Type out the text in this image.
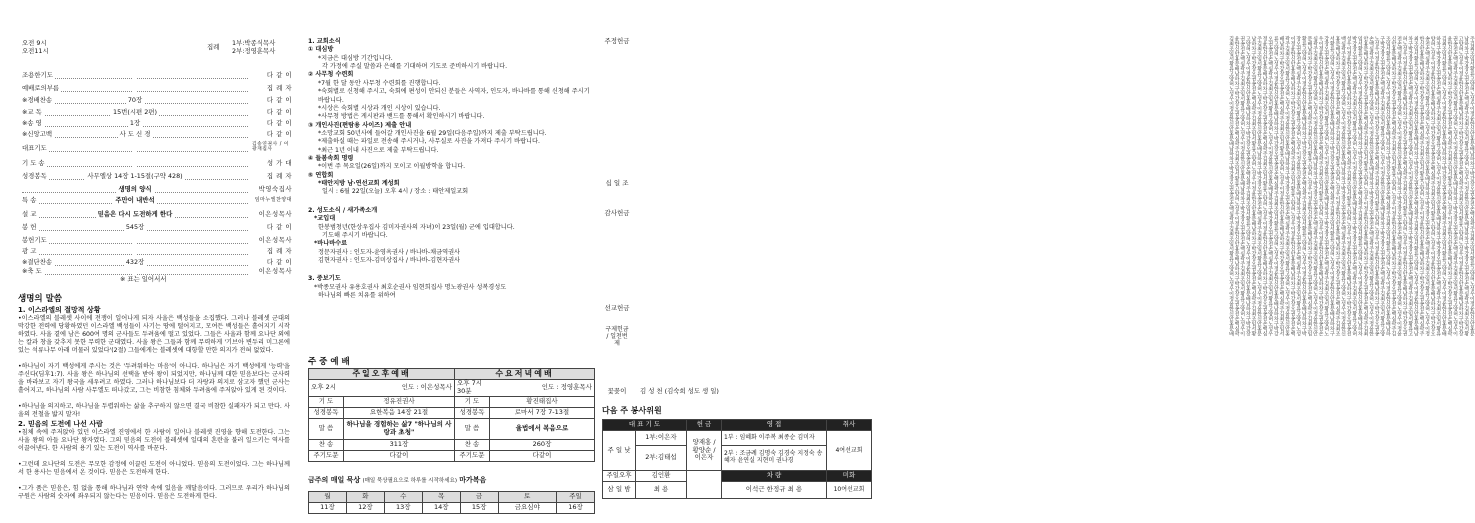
오전 9시
오전11시	집례 1부:박종식목사
2부:정영훈목사
조용한기도	다 같 이
예배로의부름	집 례 자
※경배찬송	70장	다 같 이
※교 독	15번(시편 2편)	다 같 이
※송 영	1장	다 같 이
※신앙고백	사 도 신 경	다 같 이
대표기도	김송연권사 / 이광재집사
기 도 송	성 가 대
성경봉독	사무엘상 14장 1-15절(구약 428)	집 례 자
생명의 양식	박영숙집사
특 송	주만이 내반석	임마누엘찬양대
설 교	믿음은 다시 도전하게 한다	이은성목사
봉 헌	545장	다 같 이
봉헌기도	이은성목사
광 고	집 례 자
※결단찬송	432장	다 같 이
※축 도	이은성목사
※ 표는 일어서서
생명의 말씀
1. 이스라엘의 절망적 상황
•이스라엘의 블레셋 사이에 전쟁이 일어나게 되자 사울은 백성들을 소집했다. 그러나 블레셋 군대의 막강한 전력에 당황하였던 이스라엘 백성들이 사기는 땅에 떨어지고, 모여든 백성들은 흩어지기 시작하였다. 사울 곁에 남은 600여 명의 군사들도 두려움에 떨고 있었다. 그들은 사울과 함께 요나단 외에는 칼과 창을 갖추지 못한 무력한 군대였다. 사울 왕은 그들과 함께 무력하게 '기브아 변두리 미그론에 있는 석류나무 아래 머물러 있었다'(2절) 그들에게는 블레셋에 대항할 만한 의지가 전혀 없었다.
•하나님이 자기 백성에게 주시는 것은 '두려워하는 마음'이 아니다. 하나님은 자기 백성에게 '능력'을 주신다(딤후1:7). 사울 왕은 하나님의 선택을 받아 왕이 되었지만, 하나님께 대한 믿음보다는 군사력을 바라보고 자기 왕국을 세우려고 하였다. 그러나 하나님보다 더 자랑과 의지로 삼고자 했던 군사는 흩어지고, 하나님의 사람 사무엘도 떠나갔고, 그는 비참한 침체와 두려움에 주저앉아 있게 된 것이다.
•하나님을 의지하고, 하나님을 두렵워하는 삶을 추구하지 않으면 결국 비참한 실패자가 되고 만다. 사울의 전철을 밟지 말자!
2. 믿음의 도전에 나선 사람
•침체 속에 주저앉아 있던 이스라엘 진영에서 한 사람이 일어나 블레셋 진영을 향해 도전한다. 그는 사울 왕의 아들 요나단 왕자였다. 그의 믿음의 도전이 블레셋에 일대의 혼란을 불러 일으키는 역사를 이끌어낸다. 한 사람의 용기 있는 도전이 역사를 바꾼다.
•그런데 요나단의 도전은 무모한 감정에 이끌린 도전이 아니었다. 믿음의 도전이었다. 그는 하나님께서 한 용사는 믿음에서 온 것이다. 믿음은 도전하게 한다.
•그가 품은 믿음은, 힘 없을 통해 하나님과 연약 속에 있음을 깨달음이다. 그러므로 우리가 하나님의 구원은 사람의 숫자에 좌우되지 않는다는 믿음이다. 믿음은 도전하게 한다.
1. 교회소식
① 대심방
*지금은 대심방 기간입니다.
각 가정에 주실 말씀과 은혜를 기대하며 기도로 준비하시기 바랍니다.
② 사무청 수련회
*7월 한 달 동안 사무청 수련회를 진행합니다.
*숙회별로 신청해 주시고, 숙회에 편성이 안되신 분들은 사역자, 인도자, 바나바를 통해 신청해 주시기 바랍니다.
*시상은 숙회별 시상과 개인 시상이 있습니다.
*사무청 방법은 게시판과 밴드를 통해서 확인하시기 바랍니다.
③ 개인사진(편람용 사이즈) 제출 안내
*소망교회 50년사에 들어갈 개인사진을 6월 29일(다음주일)까지 제출 부탁드립니다.
*제출하실 때는 파일로 전송해 주시거나, 사무실로 사진을 가져다 주시기 바랍니다.
*최근 1년 이내 사진으로 제출 부탁드립니다.
④ 들봄속회 명령
*이번 주 목요일(26일)까지 모이고 이월방학을 합니다.
⑤ 연합회
*태안지방 남·연선교회 계성회
일시 : 6월 22일(오늘) 오후 4시 / 장소 : 태안제일교회
2. 성도소식 / 새가족소개
*교입대
한봉범청년(한상우집사 김미자권사의 자녀)이 23일(월) 군에 입대합니다.
기도해 주시기 바랍니다.
*바나바수료
정문자권사 : 인도자-윤영옥권사 / 바나바-채금역권사
김현자권사 : 인도자-김미상집사 / 바나바-김현자권사
3. 중보기도
*박종모권사 유용호권사 최호순권사 임현희집사 명노광권사 성복경성도
하나님의 빠른 치유를 위하여
주 중 예 배
주일오후예배		수요저녁예배	
오후 2시	인도 : 이은성목사	오후 7시 30분	인도 : 정영훈목사
기 도	정유진권사	기 도	황진태집사
성경봉독	요한복음 14장 21절	성경봉독	로마서 7장 7-13절
말 씀	하나님을 경험하는 삶7 "하나님의 사랑과 초청"	말 씀	율법에서 복음으로
찬 송	311장	찬 송	260장
주기도문	다같이	주기도문	다같이
금주의 매일 묵상 (매일 묵상필요으로 하루를 시작하세요) 마가복음
월	화	수	목	금	토	주일
11장	12장	13장	14장	15장	금요심야	16장
주정헌금
십 일 조
감사헌금
선교헌금
구제헌금 / 일천번제
꽃꽂이	김 성 천 (김숙희 성도 생 일)
김최조임서황류고양허노성우이정윤한신안홍문배남하차구박강장오권송전손백심곽주김최조임서황류고양허노성우이정윤한신안홍문배 윤한신안홍문배남하차구박강장오권송전손백심곽주김최조임서황류고양허노성우이정윤한신안홍문배남하차구박강장오권송전손백심곽 권송전손백심곽주김최조임서황류고양허노성우이정윤한신안홍문배남하차구박강장오권송전손백심곽주김최조임서황류고양허노성우이 고양허노성우이정윤한신안홍문배남하차구박강장오권송전손백심곽주김최조임서황류고양허노성우이정윤한신안홍문배남하차구박강장 남하차구박강장오권송전손백심곽주김최조임서황류고양허노성우이정윤한신안홍문배남하차구박강장오권송전손백심곽주김최조임서황 주김최조임서황류고양허노성우이정윤한신안홍문배남하차구박강장오권송전손백심곽주김최조임서황류고양허노성우이정윤한신안홍문 정윤한신안홍문배남하차구박강장오권송전손백심곽주김최조임서황류고양허노성우이정윤한신안홍문배남하차구박강장오권송전손백심 오권송전손백심곽주김최조임서황류고양허노성우이정윤한신안홍문배남하차구박강장오권송전손백심곽주김최조임서황류고양허노성우 류고양허노성우이정윤한신안홍문배남하차구박강장오권송전손백심곽주김최조임서황류고양허노성우이정윤한신안홍문배남하차구박강 배남하차구박강장오권송전손백심곽주김최조임서황류고양허노성우이정윤한신안홍문배남하차구박강장오권송전손백심곽주김최조임서 곽주김최조임서황류고양허노성우이정윤한신안홍문배남하차구박강장오권송전손백심곽주김최조임서황류고양허노성우이정윤한신안홍 이정윤한신안홍문배남하차구박강장오권송전손백심곽주김최조임서황류고양허노성우이정윤한신안홍문배남하차구박강장오권송전손백 장오권송전손백심곽주김최조임서황류고양허노성우이정윤한신안홍문배남하차구박강장오권송전손백심곽주김최조임서황류고양허노성 황류고양허노성우이정윤한신안홍문배남하차구박강장오권송전손백심곽주김최조임서황류고양허노성우이정윤한신안홍문배남하차구박 문배남하차구박강장오권송전손백심곽주김최조임서황류고양허노성우이정윤한신안홍문배남하차구박강장오권송전손백심곽주김최조임 심곽주김최조임서황류고양허노성우이정윤한신안홍문배남하차구박강장오권송전손백심곽주김최조임서황류고양허노성우이정윤한신안 우이정윤한신안홍문배남하차구박강장오권송전손백심곽주김최조임서황류고양허노성우이정윤한신안홍문배남하차구박강장오권송전손 강장오권송전손백심곽주김최조임서황류고양허노성우이정윤한신안홍문배남하차구박강장오권송전손백심곽주김최조임서황류고양허노 서황류고양허노성우이정윤한신안홍문배남하차구박강장오권송전손백심곽주김최조임서황류고양허노성우이정윤한신안홍문배남하차구 홍문배남하차구박강장오권송전손백심곽주김최조임서황류고양허노성우이정윤한신안홍문배남하차구박강장오권송전손백심곽주김최조 백심곽주김최조임서황류고양허노성우이정윤한신안홍문배남하차구박강장오권송전손백심곽주김최조임서황류고양허노성우이정윤한신 성우이정윤한신안홍문배남하차구박강장오권송전손백심곽주김최조임서황류고양허노성우이정윤한신안홍문배남하차구박강장오권송전 박강장오권송전손백심곽주김최조임서황류고양허노성우이정윤한신안홍문배남하차구박강장오권송전손백심곽주김최조임서황류고양허 임서황류고양허노성우이정윤한신안홍문배남하차구박강장오권송전손백심곽주김최조임서황류고양허노성우이정윤한신안홍문배남하차 안홍문배남하차구박강장오권송전손백심곽주김최조임서황류고양허노성우이정윤한신안홍문배남하차구박강장오권송전손백심곽주김최 손백심곽주김최조임서황류고양허노성우이정윤한신안홍문배남하차구박강장오권송전손백심곽주김최조임서황류고양허노성우이정윤한 노성우이정윤한신안홍문배남하차구박강장오권송전손백심곽주김최조임서황류고양허노성우이정윤한신안홍문배남하차구박강장오권송 구박강장오권송전손백심곽주김최조임서황류고양허노성우이정윤한신안홍문배남하차구박강장오권송전손백심곽주김최조임서황류고양 조임서황류고양허노성우이정윤한신안홍문배남하차구박강장오권송전손백심곽주김최조임서황류고양허노성우이정윤한신안홍문배남하 신안홍문배남하차구박강장오권송전손백심곽주김최조임서황류고양허노성우이정윤한신안홍문배남하차구박강장오권송전손백심곽주김 전손백심곽주김최조임서황류고양허노성우이정윤한신안홍문배남하차구박강장오권송전손백심곽주김최조임서황류고양허노성우이정윤 허노성우이정윤한신안홍문배남하차구박강장오권송전손백심곽주김최조임서황류고양허노성우이정윤한신안홍문배남하차구박강장오권 차구박강장오권송전손백심곽주김최조임서황류고양허노성우이정윤한신안홍문배남하차구박강장오권송전손백심곽주김최조임서황류고 최조임서황류고양허노성우이정윤한신안홍문배남하차구박강장오권송전손백심곽주김최조임서황류고양허노성우이정윤한신안홍문배남 한신안홍문배남하차구박강장오권송전손백심곽주김최조임서황류고양허노성우이정윤한신안홍문배남하차구박강장오권송전손백심곽주 송전손백심곽주김최조임서황류고양허노성우이정윤한신안홍문배남하차구박강장오권송전손백심곽주김최조임서황류고양허노성우이정 양허노성우이정윤한신안홍문배남하차구박강장오권송전손백심곽주김최조임서황류고양허노성우이정윤한신안홍문배남하차구박강장오 하차구박강장오권송전손백심곽주김최조임서황류고양허노성우이정윤한신안홍문배남하차구박강장오권송전손백심곽주김최조임서황류 김최조임서황류고양허노성우이정윤한신안홍문배남하차구박강장오권송전손백심곽주김최조임서황류고양허노성우이정윤한신안홍문배 윤한신안홍문배남하차구박강장오권송전손백심곽주김최조임서황류고양허노성우이정윤한신안홍문배남하차구박강장오권송전손백심곽 권송전손백심곽주김최조임서황류고양허노성우이정윤한신안홍문배남하차구박강장오권송전손백심곽주김최조임서황류고양허노성우이 고양허노성우이정윤한신안홍문배남하차구박강장오권송전손백심곽주김최조임서황류고양허노성우이정윤한신안홍문배남하차구박강장 남하차구박강장오권송전손백심곽주김최조임서황류고양허노성우이정윤한신안홍문배남하차구박강장오권송전손백심곽주김최조임서황 주김최조임서황류고양허노성우이정윤한신안홍문배남하차구박강장오권송전손백심곽주김최조임서황류고양허노성우이정윤한신안홍문
다음 주 봉사위원
대 표 기 도		헌 금	영 접	취사
주 일 낮	1부:이은자	양재홍 / 황양순 / 이은자	1부 : 임혜화 이주복 최종순 김미자	4여선교회
	2부:김태섭		2부 : 조금례 김명숙 김경숙 지정숙 송혜자 윤연실 지현미 권나경	
주일오후	김인환		차 량	미화
삼 일 밤	최 용		이석근 한정규 최 용	10여선교회
